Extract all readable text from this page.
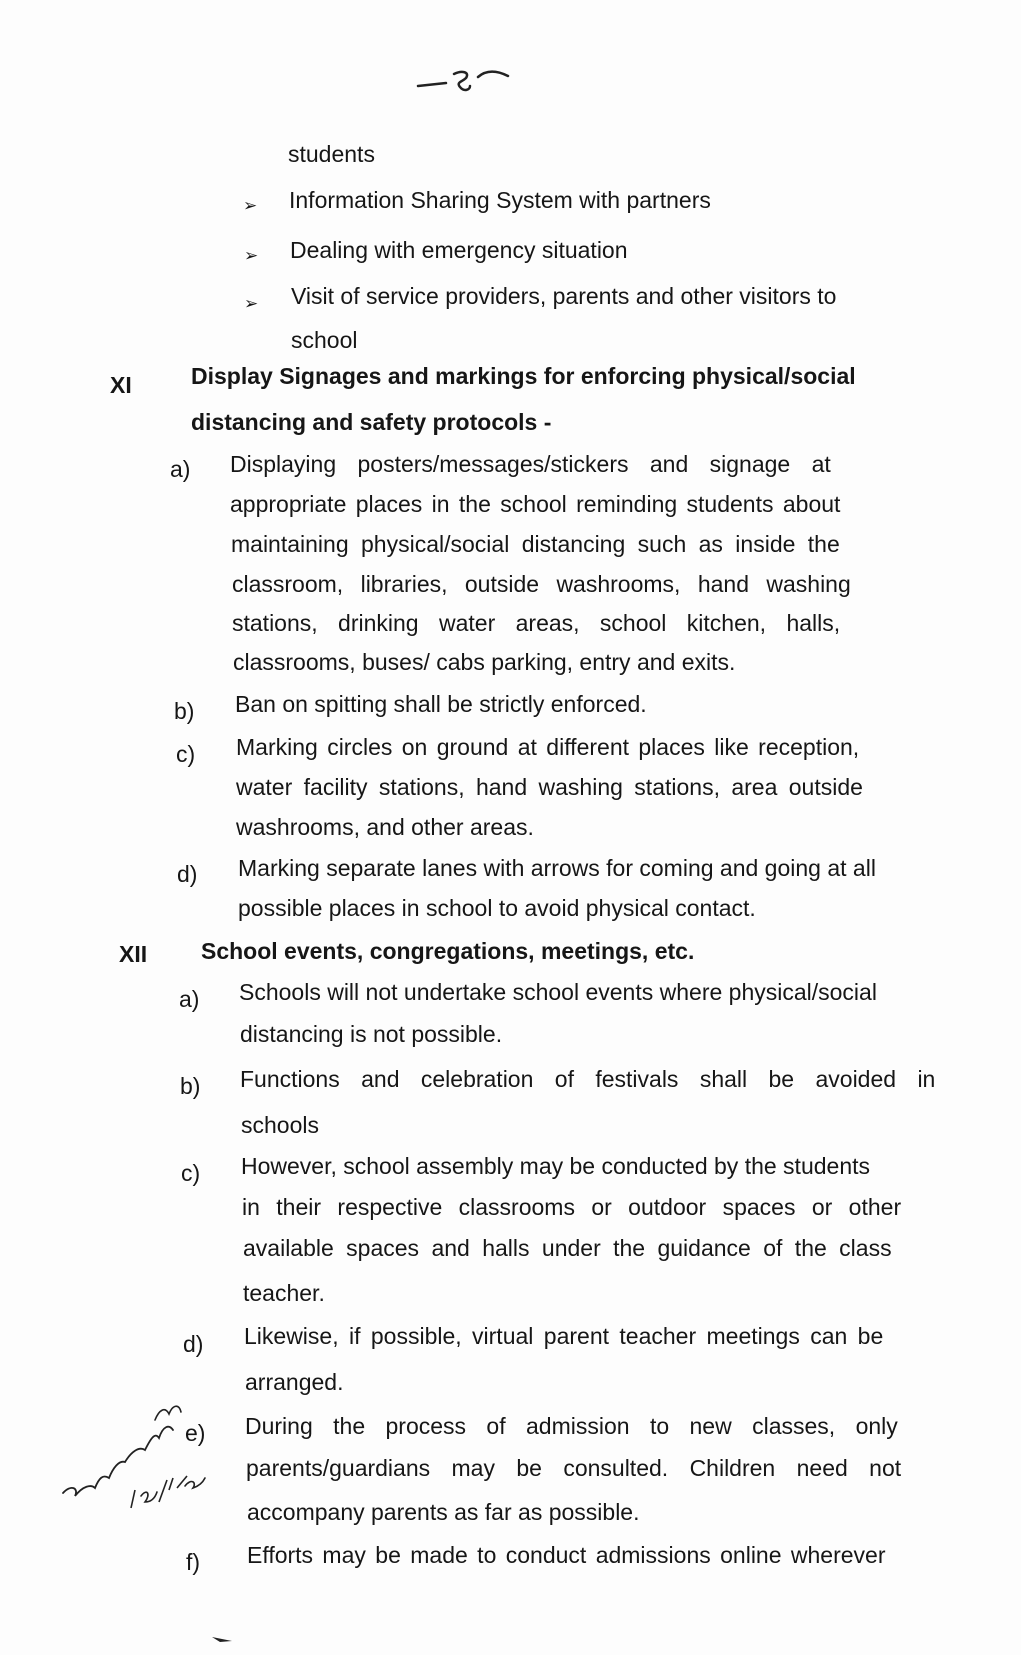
students
➢ Information Sharing System with partners
➢ Dealing with emergency situation
➢ Visit of service providers, parents and other visitors to
school
XI	Display Signages and markings for enforcing physical/social
distancing and safety protocols -
a) Displaying posters/messages/stickers and signage at
appropriate places in the school reminding students about
maintaining physical/social distancing such as inside the
classroom, libraries, outside washrooms, hand washing
stations, drinking water areas, school kitchen, halls,
classrooms, buses/ cabs parking, entry and exits.
b) Ban on spitting shall be strictly enforced.
c) Marking circles on ground at different places like reception,
water facility stations, hand washing stations, area outside
washrooms, and other areas.
d) Marking separate lanes with arrows for coming and going at all
possible places in school to avoid physical contact.
XII School events, congregations, meetings, etc.
a) Schools will not undertake school events where physical/social
distancing is not possible.
b) Functions and celebration of festivals shall be avoided in
schools
c) However, school assembly may be conducted by the students
in their respective classrooms or outdoor spaces or other
available spaces and halls under the guidance of the class
teacher.
d) Likewise, if possible, virtual parent teacher meetings can be
arranged.
e) During the process of admission to new classes, only
parents/guardians may be consulted. Children need not
accompany parents as far as possible.
f) Efforts may be made to conduct admissions online wherever
